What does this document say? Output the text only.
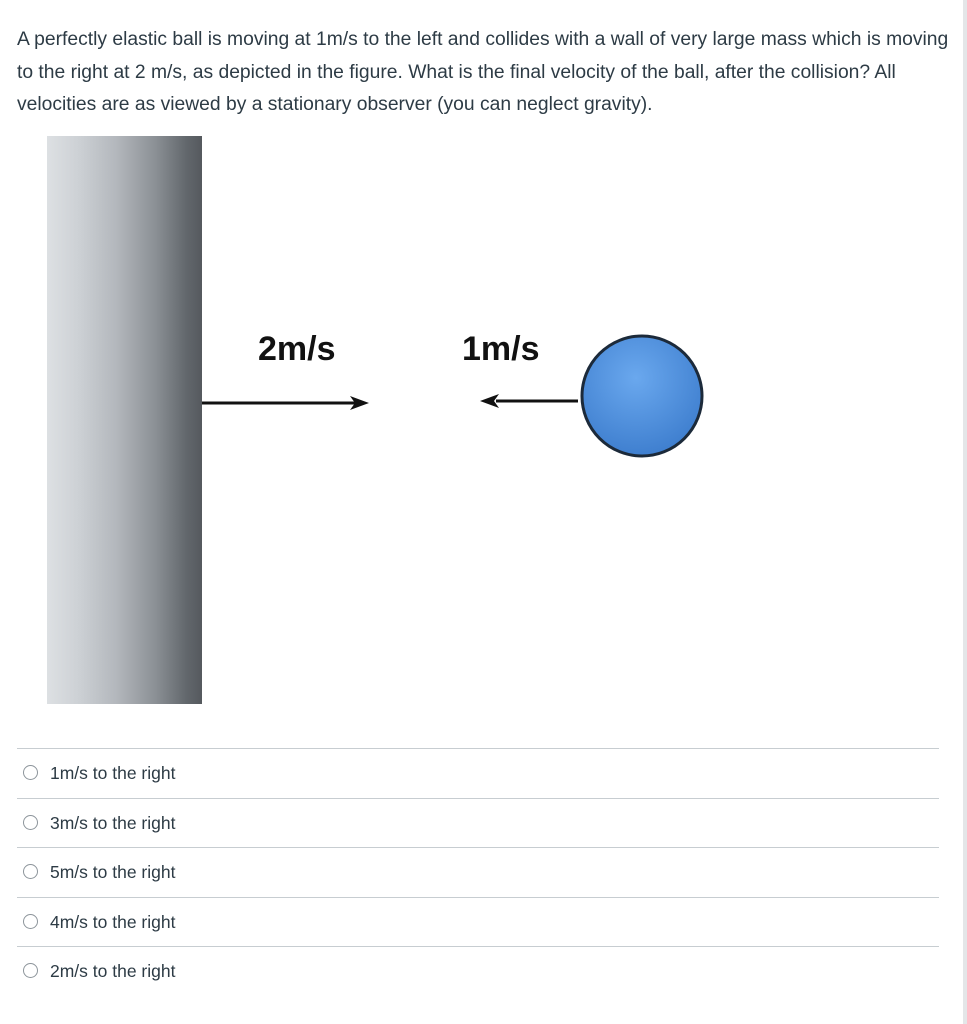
A perfectly elastic ball is moving at 1m/s to the left and collides with a wall of very large mass which is moving to the right at 2 m/s, as depicted in the figure. What is the final velocity of the ball, after the collision? All velocities are as viewed by a stationary observer (you can neglect gravity).

2m/s	1m/s
1m/s to the right
3m/s to the right
5m/s to the right
4m/s to the right
2m/s to the right
